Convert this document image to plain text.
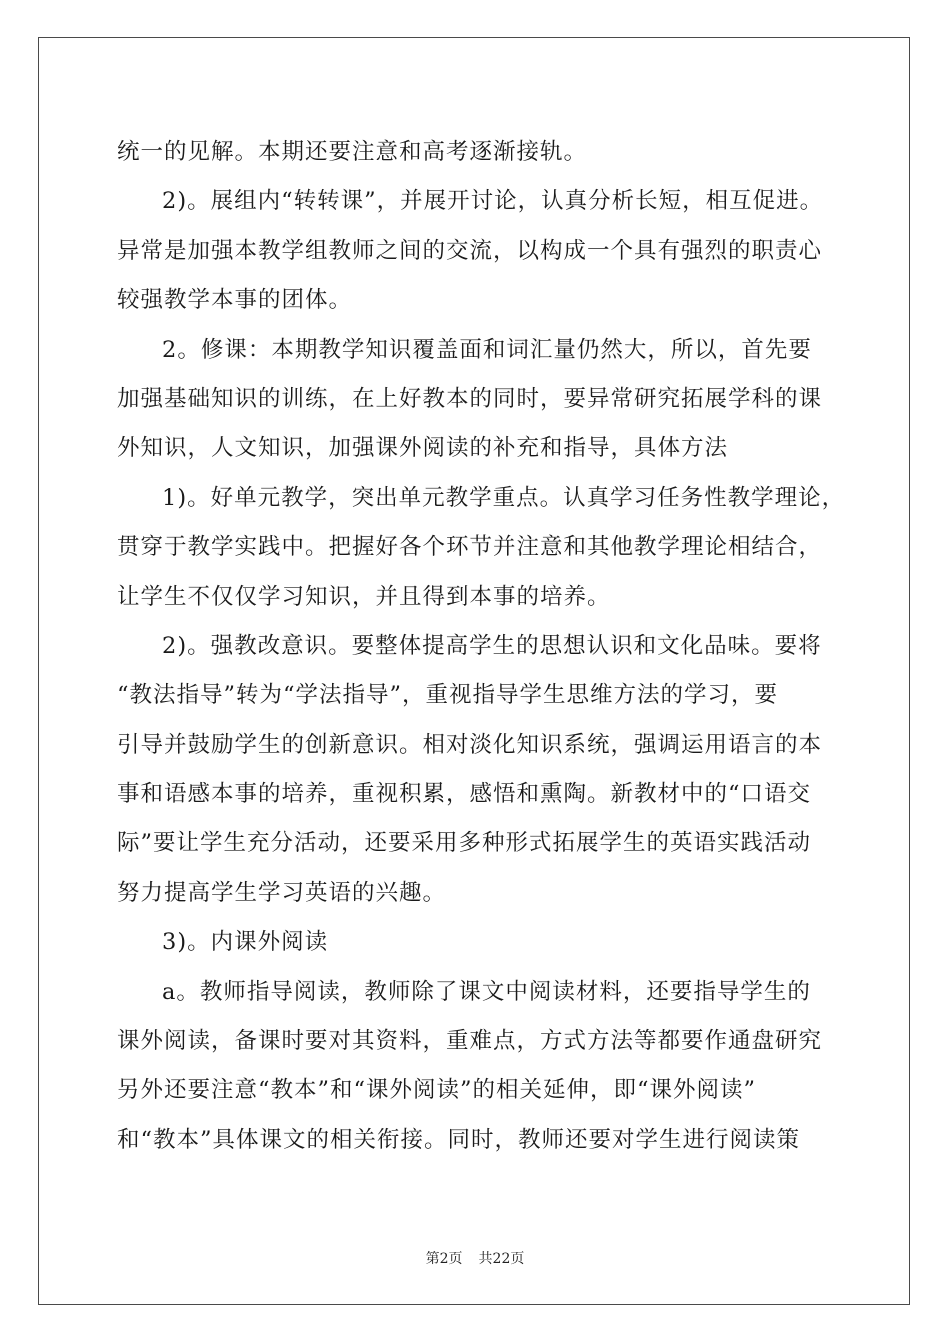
统一的见解。本期还要注意和高考逐渐接轨。
2)。展组内“转转课”，并展开讨论，认真分析长短，相互促进。
异常是加强本教学组教师之间的交流，以构成一个具有强烈的职责心
较强教学本事的团体。
2。修课：本期教学知识覆盖面和词汇量仍然大，所以，首先要
加强基础知识的训练，在上好教本的同时，要异常研究拓展学科的课
外知识，人文知识，加强课外阅读的补充和指导，具体方法
1)。好单元教学，突出单元教学重点。认真学习任务性教学理论，
贯穿于教学实践中。把握好各个环节并注意和其他教学理论相结合，
让学生不仅仅学习知识，并且得到本事的培养。
2)。强教改意识。要整体提高学生的思想认识和文化品味。要将
“教法指导”转为“学法指导”，重视指导学生思维方法的学习，要
引导并鼓励学生的创新意识。相对淡化知识系统，强调运用语言的本
事和语感本事的培养，重视积累，感悟和熏陶。新教材中的“口语交
际”要让学生充分活动，还要采用多种形式拓展学生的英语实践活动
努力提高学生学习英语的兴趣。
3)。内课外阅读
a。教师指导阅读，教师除了课文中阅读材料，还要指导学生的
课外阅读，备课时要对其资料，重难点，方式方法等都要作通盘研究
另外还要注意“教本”和“课外阅读”的相关延伸，即“课外阅读”
和“教本”具体课文的相关衔接。同时，教师还要对学生进行阅读策
第2页 共22页
